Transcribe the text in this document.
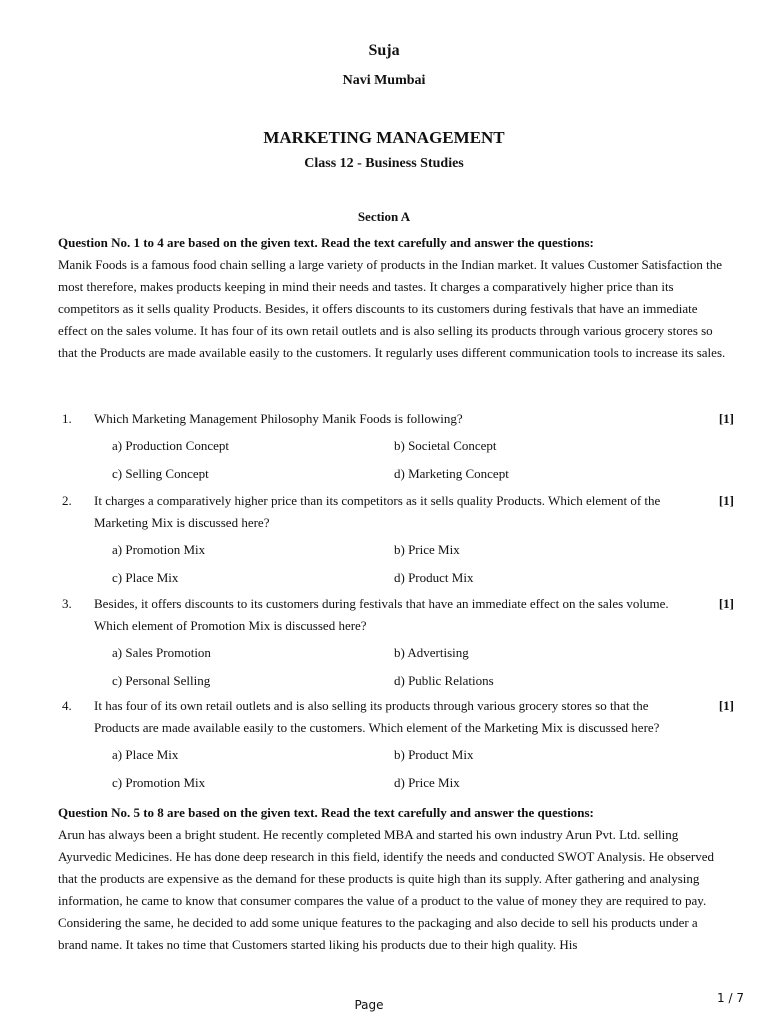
Suja
Navi Mumbai
MARKETING MANAGEMENT
Class 12 - Business Studies
Section A
Question No. 1 to 4 are based on the given text. Read the text carefully and answer the questions:
Manik Foods is a famous food chain selling a large variety of products in the Indian market. It values Customer Satisfaction the most therefore, makes products keeping in mind their needs and tastes. It charges a comparatively higher price than its competitors as it sells quality Products. Besides, it offers discounts to its customers during festivals that have an immediate effect on the sales volume. It has four of its own retail outlets and is also selling its products through various grocery stores so that the Products are made available easily to the customers. It regularly uses different communication tools to increase its sales.
1. Which Marketing Management Philosophy Manik Foods is following?	[1]
a) Production Concept	b) Societal Concept
c) Selling Concept	d) Marketing Concept
2. It charges a comparatively higher price than its competitors as it sells quality Products. Which element of the Marketing Mix is discussed here?
[1]
a) Promotion Mix	b) Price Mix
c) Place Mix	d) Product Mix
3. Besides, it offers discounts to its customers during festivals that have an immediate effect on the sales volume. Which element of Promotion Mix is discussed here?
[1]
a) Sales Promotion	b) Advertising
c) Personal Selling	d) Public Relations
4. It has four of its own retail outlets and is also selling its products through various grocery stores so that the Products are made available easily to the customers. Which element of the Marketing Mix is discussed here?
[1]
a) Place Mix	b) Product Mix
c) Promotion Mix	d) Price Mix
Question No. 5 to 8 are based on the given text. Read the text carefully and answer the questions:
Arun has always been a bright student. He recently completed MBA and started his own industry Arun Pvt. Ltd. selling Ayurvedic Medicines. He has done deep research in this field, identify the needs and conducted SWOT Analysis. He observed that the products are expensive as the demand for these products is quite high than its supply. After gathering and analysing information, he came to know that consumer compares the value of a product to the value of money they are required to pay. Considering the same, he decided to add some unique features to the packaging and also decide to sell his products under a brand name. It takes no time that Customers started liking his products due to their high quality. His
Page	1 / 7
